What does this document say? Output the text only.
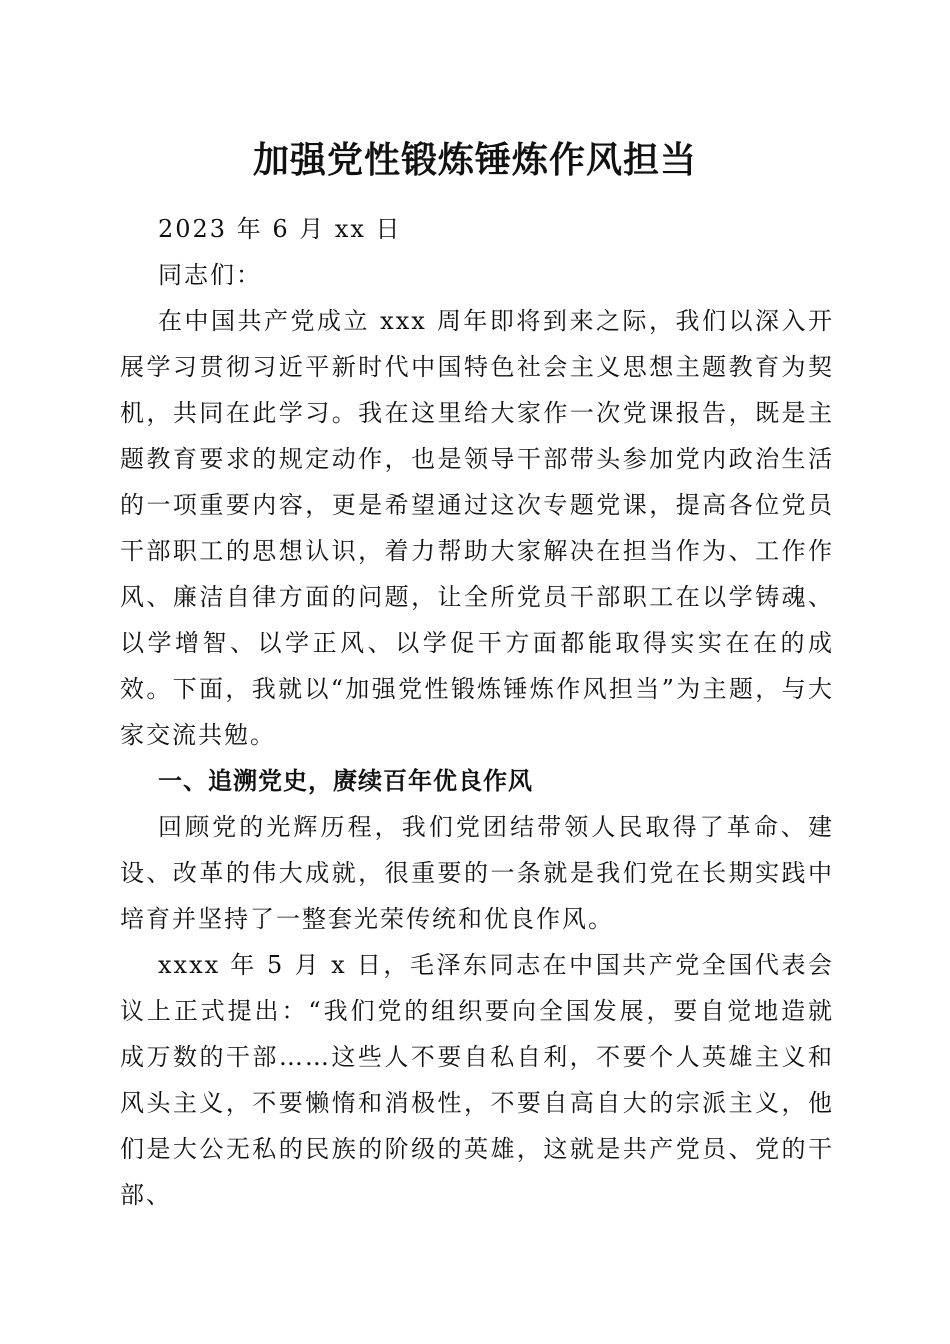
加强党性锻炼锤炼作风担当

2023 年 6 月 xx 日

同志们：

在中国共产党成立 xxx 周年即将到来之际，我们以深入开展学习贯彻习近平新时代中国特色社会主义思想主题教育为契机，共同在此学习。我在这里给大家作一次党课报告，既是主题教育要求的规定动作，也是领导干部带头参加党内政治生活的一项重要内容，更是希望通过这次专题党课，提高各位党员干部职工的思想认识，着力帮助大家解决在担当作为、工作作风、廉洁自律方面的问题，让全所党员干部职工在以学铸魂、以学增智、以学正风、以学促干方面都能取得实实在在的成效。下面，我就以“加强党性锻炼锤炼作风担当”为主题，与大家交流共勉。

一、追溯党史，赓续百年优良作风

回顾党的光辉历程，我们党团结带领人民取得了革命、建设、改革的伟大成就，很重要的一条就是我们党在长期实践中培育并坚持了一整套光荣传统和优良作风。

xxxx 年 5 月 x 日，毛泽东同志在中国共产党全国代表会议上正式提出：“我们党的组织要向全国发展，要自觉地造就成万数的干部……这些人不要自私自利，不要个人英雄主义和风头主义，不要懒惰和消极性，不要自高自大的宗派主义，他们是大公无私的民族的阶级的英雄，这就是共产党员、党的干部、
